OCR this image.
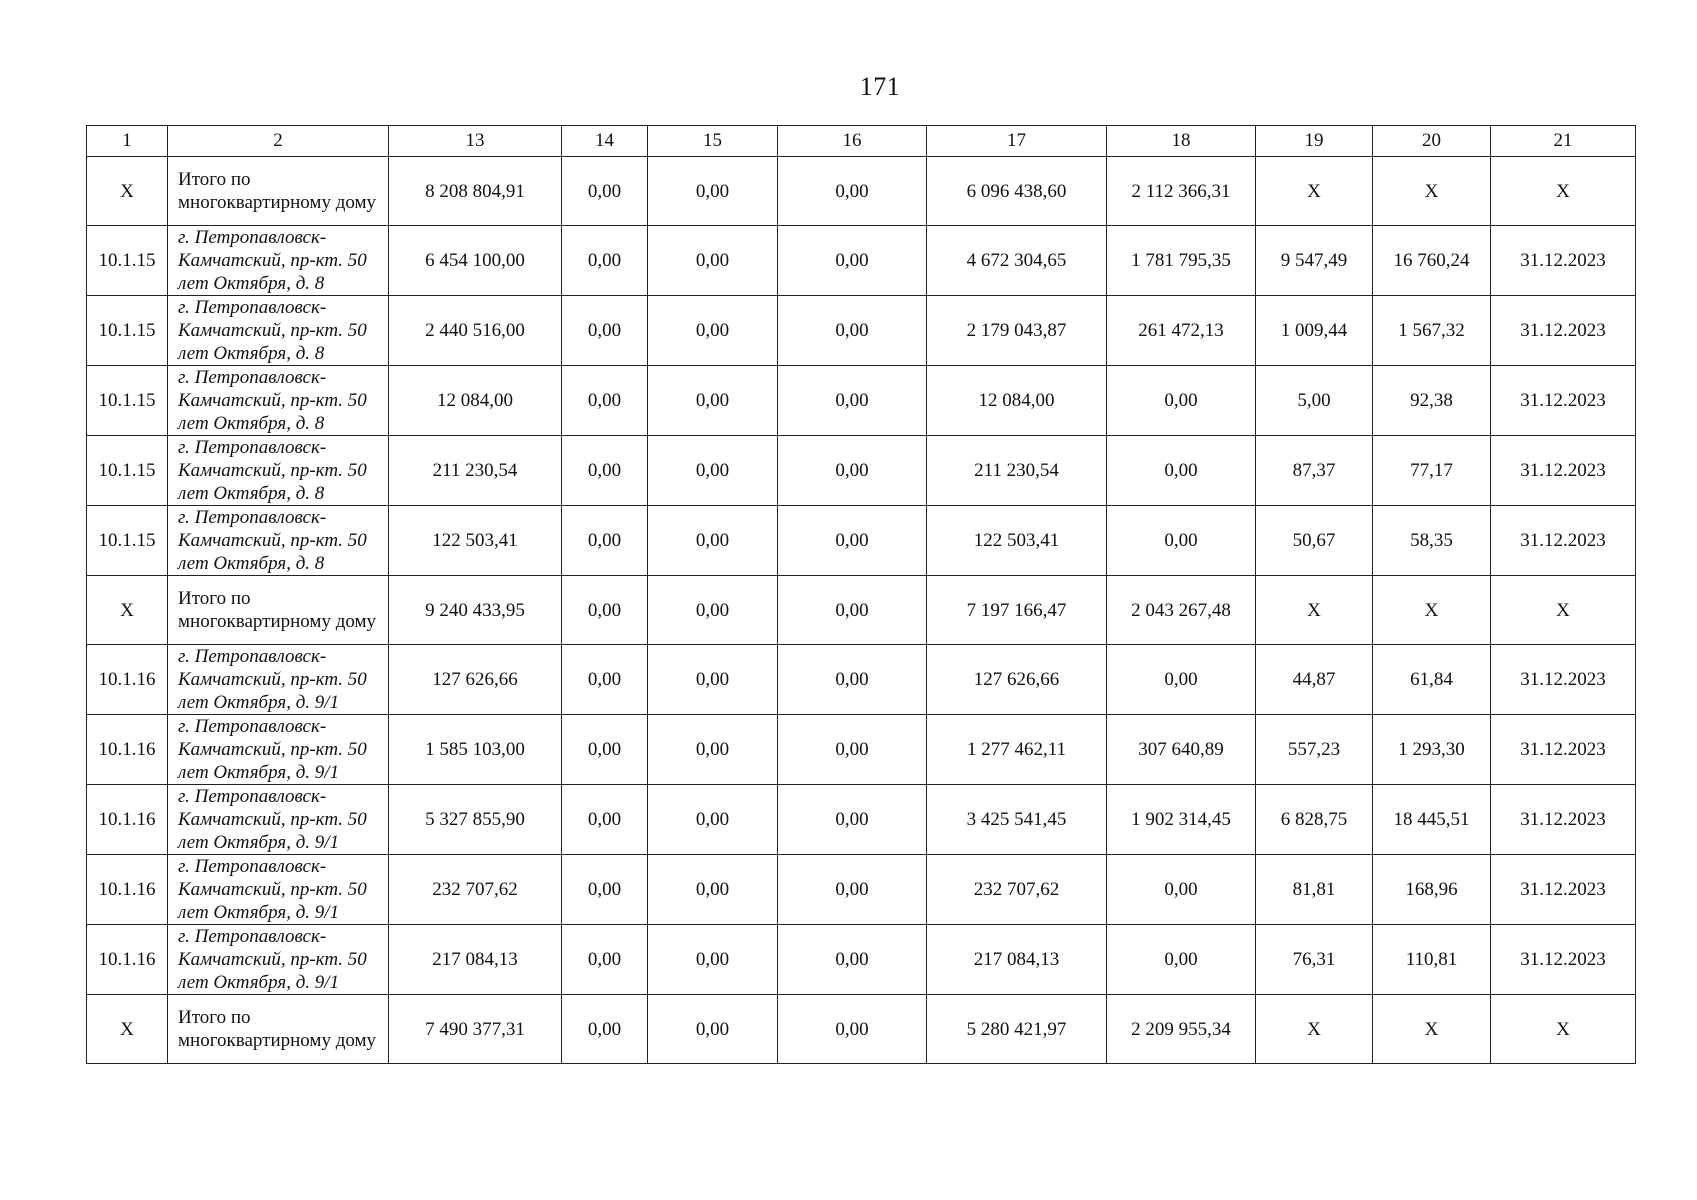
171
1	2	13	14	15	16	17	18	19	20	21
X	Итого по многоквартирному дому	8 208 804,91	0,00	0,00	0,00	6 096 438,60	2 112 366,31	X	X	X
10.1.15	г. Петропавловск-Камчатский, пр-кт. 50 лет Октября, д. 8	6 454 100,00	0,00	0,00	0,00	4 672 304,65	1 781 795,35	9 547,49	16 760,24	31.12.2023
10.1.15	г. Петропавловск-Камчатский, пр-кт. 50 лет Октября, д. 8	2 440 516,00	0,00	0,00	0,00	2 179 043,87	261 472,13	1 009,44	1 567,32	31.12.2023
10.1.15	г. Петропавловск-Камчатский, пр-кт. 50 лет Октября, д. 8	12 084,00	0,00	0,00	0,00	12 084,00	0,00	5,00	92,38	31.12.2023
10.1.15	г. Петропавловск-Камчатский, пр-кт. 50 лет Октября, д. 8	211 230,54	0,00	0,00	0,00	211 230,54	0,00	87,37	77,17	31.12.2023
10.1.15	г. Петропавловск-Камчатский, пр-кт. 50 лет Октября, д. 8	122 503,41	0,00	0,00	0,00	122 503,41	0,00	50,67	58,35	31.12.2023
X	Итого по многоквартирному дому	9 240 433,95	0,00	0,00	0,00	7 197 166,47	2 043 267,48	X	X	X
10.1.16	г. Петропавловск-Камчатский, пр-кт. 50 лет Октября, д. 9/1	127 626,66	0,00	0,00	0,00	127 626,66	0,00	44,87	61,84	31.12.2023
10.1.16	г. Петропавловск-Камчатский, пр-кт. 50 лет Октября, д. 9/1	1 585 103,00	0,00	0,00	0,00	1 277 462,11	307 640,89	557,23	1 293,30	31.12.2023
10.1.16	г. Петропавловск-Камчатский, пр-кт. 50 лет Октября, д. 9/1	5 327 855,90	0,00	0,00	0,00	3 425 541,45	1 902 314,45	6 828,75	18 445,51	31.12.2023
10.1.16	г. Петропавловск-Камчатский, пр-кт. 50 лет Октября, д. 9/1	232 707,62	0,00	0,00	0,00	232 707,62	0,00	81,81	168,96	31.12.2023
10.1.16	г. Петропавловск-Камчатский, пр-кт. 50 лет Октября, д. 9/1	217 084,13	0,00	0,00	0,00	217 084,13	0,00	76,31	110,81	31.12.2023
X	Итого по многоквартирному дому	7 490 377,31	0,00	0,00	0,00	5 280 421,97	2 209 955,34	X	X	X
